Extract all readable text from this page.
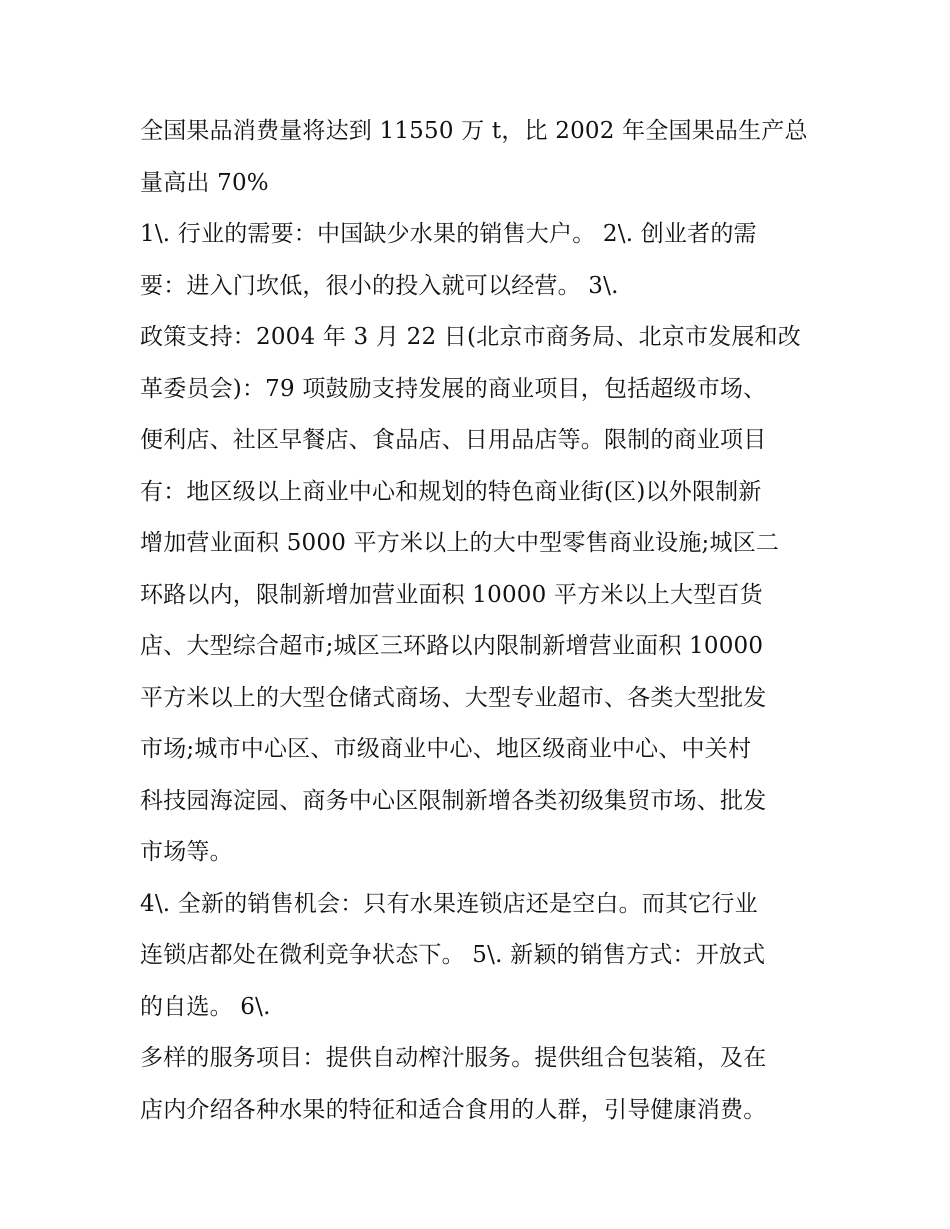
全国果品消费量将达到 11550 万 t，比 2002 年全国果品生产总
量高出 70%
1\. 行业的需要：中国缺少水果的销售大户。 2\. 创业者的需
要：进入门坎低，很小的投入就可以经营。 3\.
政策支持：2004 年 3 月 22 日(北京市商务局、北京市发展和改
革委员会)：79 项鼓励支持发展的商业项目，包括超级市场、
便利店、社区早餐店、食品店、日用品店等。限制的商业项目
有：地区级以上商业中心和规划的特色商业街(区)以外限制新
增加营业面积 5000 平方米以上的大中型零售商业设施;城区二
环路以内，限制新增加营业面积 10000 平方米以上大型百货
店、大型综合超市;城区三环路以内限制新增营业面积 10000
平方米以上的大型仓储式商场、大型专业超市、各类大型批发
市场;城市中心区、市级商业中心、地区级商业中心、中关村
科技园海淀园、商务中心区限制新增各类初级集贸市场、批发
市场等。
4\. 全新的销售机会：只有水果连锁店还是空白。而其它行业
连锁店都处在微利竞争状态下。 5\. 新颖的销售方式：开放式
的自选。 6\.
多样的服务项目：提供自动榨汁服务。提供组合包装箱，及在
店内介绍各种水果的特征和适合食用的人群，引导健康消费。
